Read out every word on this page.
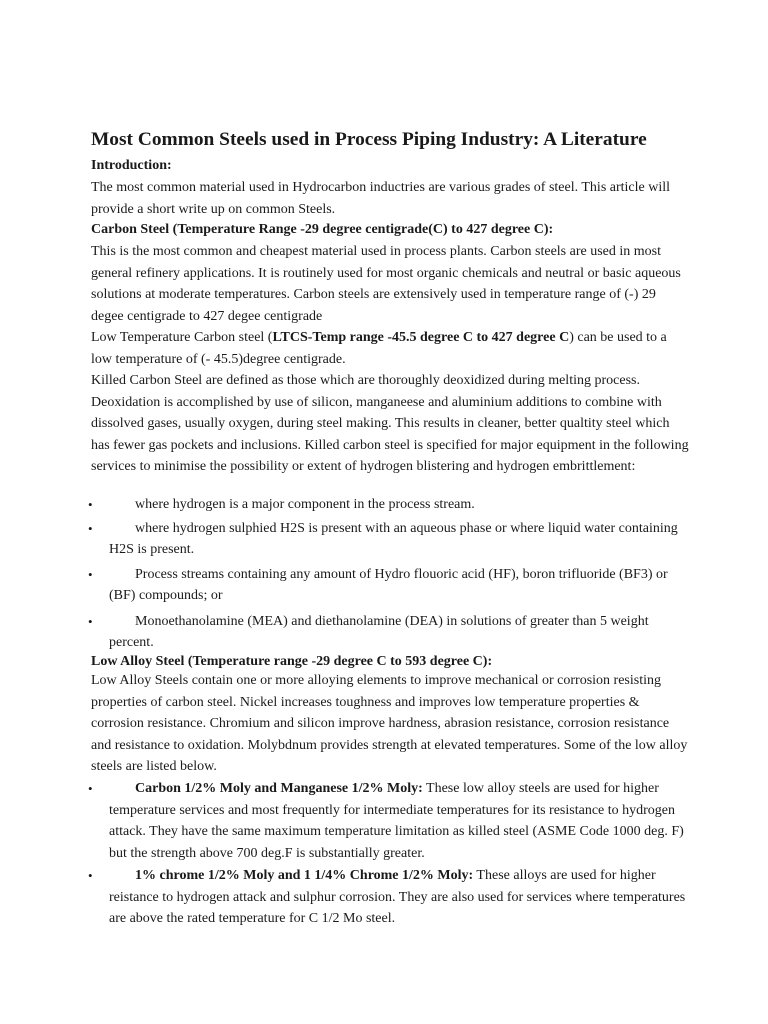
Most Common Steels used in Process Piping Industry: A Literature

Introduction:

The most common material used in Hydrocarbon inductries are various grades of steel. This article will provide a short write up on common Steels.

Carbon Steel (Temperature Range -29 degree centigrade(C) to 427 degree C):

This is the most common and cheapest material used in process plants. Carbon steels are used in most general refinery applications. It is routinely used for most organic chemicals and neutral or basic aqueous solutions at moderate temperatures. Carbon steels are extensively used in temperature range of (-) 29 degee centigrade to 427 degee centigrade

Low Temperature Carbon steel (LTCS-Temp range -45.5 degree C to 427 degree C) can be used to a low temperature of (- 45.5)degree centigrade.

Killed Carbon Steel are defined as those which are thoroughly deoxidized during melting process. Deoxidation is accomplished by use of silicon, manganeese and aluminium additions to combine with dissolved gases, usually oxygen, during steel making. This results in cleaner, better qualtity steel which has fewer gas pockets and inclusions. Killed carbon steel is specified for major equipment in the following services to minimise the possibility or extent of hydrogen blistering and hydrogen embrittlement:

•	where hydrogen is a major component in the process stream.
•	where hydrogen sulphied H2S is present with an aqueous phase or where liquid water containing H2S is present.
•	Process streams containing any amount of Hydro flouoric acid (HF), boron trifluoride (BF3) or (BF) compounds; or
•	Monoethanolamine (MEA) and diethanolamine (DEA) in solutions of greater than 5 weight percent.

Low Alloy Steel (Temperature range -29 degree C to 593 degree C):

Low Alloy Steels contain one or more alloying elements to improve mechanical or corrosion resisting properties of carbon steel. Nickel increases toughness and improves low temperature properties & corrosion resistance. Chromium and silicon improve hardness, abrasion resistance, corrosion resistance and resistance to oxidation. Molybdnum provides strength at elevated temperatures. Some of the low alloy steels are listed below.

•	Carbon 1/2% Moly and Manganese 1/2% Moly: These low alloy steels are used for higher temperature services and most frequently for intermediate temperatures for its resistance to hydrogen attack. They have the same maximum temperature limitation as killed steel (ASME Code 1000 deg. F) but the strength above 700 deg.F is substantially greater.
•	1% chrome 1/2% Moly and 1 1/4% Chrome 1/2% Moly: These alloys are used for higher reistance to hydrogen attack and sulphur corrosion. They are also used for services where temperatures are above the rated temperature for C 1/2 Mo steel.
